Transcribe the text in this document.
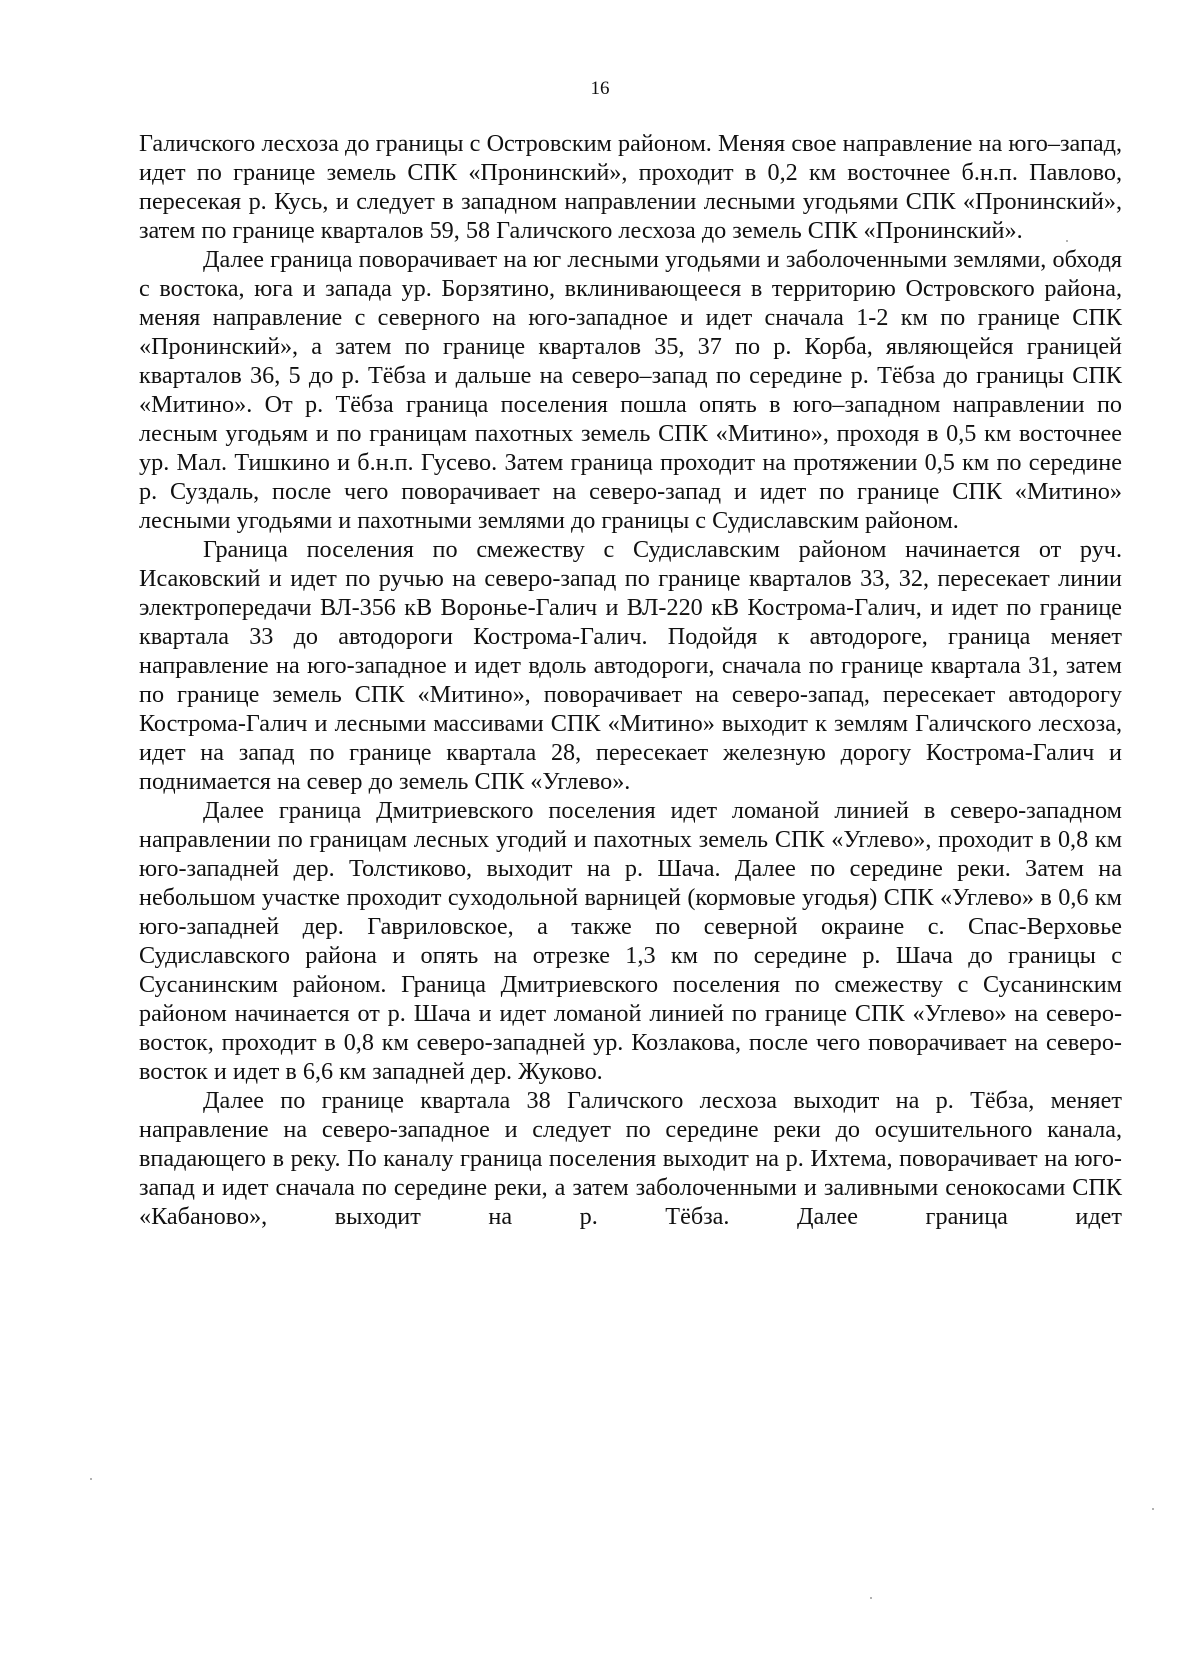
16

Галичского лесхоза до границы с Островским районом. Меняя свое направление на юго–запад, идет по границе земель СПК «Пронинский», проходит в 0,2 км восточнее б.н.п. Павлово, пересекая р. Кусь, и следует в западном направлении лесными угодьями СПК «Пронинский», затем по границе кварталов 59, 58 Галичского лесхоза до земель СПК «Пронинский».

Далее граница поворачивает на юг лесными угодьями и заболоченными землями, обходя с востока, юга и запада ур. Борзятино, вклинивающееся в территорию Островского района, меняя направление с северного на юго-западное и идет сначала 1-2 км по границе СПК «Пронинский», а затем по границе кварталов 35, 37 по р. Корба, являющейся границей кварталов 36, 5 до р. Тёбза и дальше на северо–запад по середине р. Тёбза до границы СПК «Митино». От р. Тёбза граница поселения пошла опять в юго–западном направлении по лесным угодьям и по границам пахотных земель СПК «Митино», проходя в 0,5 км восточнее ур. Мал. Тишкино и б.н.п. Гусево. Затем граница проходит на протяжении 0,5 км по середине р. Суздаль, после чего поворачивает на северо-запад и идет по границе СПК «Митино» лесными угодьями и пахотными землями до границы с Судиславским районом.

Граница поселения по смежеству с Судиславским районом начинается от руч. Исаковский и идет по ручью на северо-запад по границе кварталов 33, 32, пересекает линии электропередачи ВЛ-356 кВ Воронье-Галич и ВЛ-220 кВ Кострома-Галич, и идет по границе квартала 33 до автодороги Кострома-Галич. Подойдя к автодороге, граница меняет направление на юго-западное и идет вдоль автодороги, сначала по границе квартала 31, затем по границе земель СПК «Митино», поворачивает на северо-запад, пересекает автодорогу Кострома-Галич и лесными массивами СПК «Митино» выходит к землям Галичского лесхоза, идет на запад по границе квартала 28, пересекает железную дорогу Кострома-Галич и поднимается на север до земель СПК «Углево».

Далее граница Дмитриевского поселения идет ломаной линией в северо-западном направлении по границам лесных угодий и пахотных земель СПК «Углево», проходит в 0,8 км юго-западней дер. Толстиково, выходит на р. Шача. Далее по середине реки. Затем на небольшом участке проходит суходольной варницей (кормовые угодья) СПК «Углево» в 0,6 км юго-западней дер. Гавриловское, а также по северной окраине с. Спас-Верховье Судиславского района и опять на отрезке 1,3 км по середине р. Шача до границы с Сусанинским районом. Граница Дмитриевского поселения по смежеству с Сусанинским районом начинается от р. Шача и идет ломаной линией по границе СПК «Углево» на северо-восток, проходит в 0,8 км северо-западней ур. Козлакова, после чего поворачивает на северо-восток и идет в 6,6 км западней дер. Жуково.

Далее по границе квартала 38 Галичского лесхоза выходит на р. Тёбза, меняет направление на северо-западное и следует по середине реки до осушительного канала, впадающего в реку. По каналу граница поселения выходит на р. Ихтема, поворачивает на юго-запад и идет сначала по середине реки, а затем заболоченными и заливными сенокосами СПК «Кабаново», выходит на р. Тёбза. Далее граница идет
